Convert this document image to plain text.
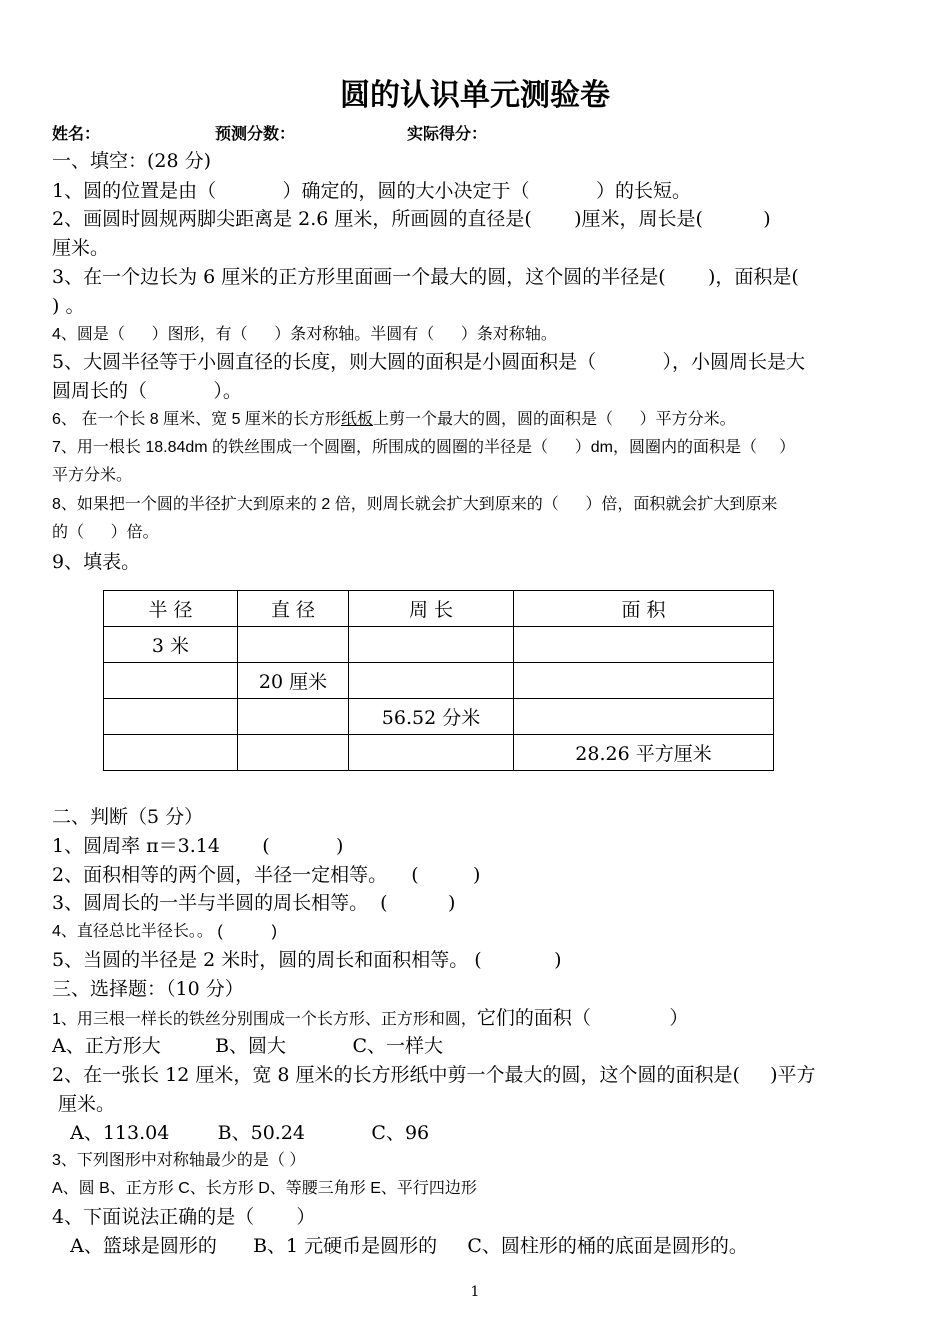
圆的认识单元测验卷

姓名：

	预测分数：

	实际得分：

一、填空：(28 分)
1、圆的位置是由（           ）确定的，圆的大小决定于（           ）的长短。
2、画圆时圆规两脚尖距离是 2.6 厘米，所画圆的直径是(       )厘米，周长是(          )
厘米。
3、在一个边长为 6 厘米的正方形里面画一个最大的圆，这个圆的半径是(       )，面积是(
) 。
4、圆是（      ）图形，有（      ）条对称轴。半圆有（      ）条对称轴。
5、大圆半径等于小圆直径的长度，则大圆的面积是小圆面积是（           ），小圆周长是大
圆周长的（           ）。
6、 在一个长 8 厘米、宽 5 厘米的长方形纸板上剪一个最大的圆，圆的面积是（      ）平方分米。
7、用一根长 18.84dm 的铁丝围成一个圆圈，所围成的圆圈的半径是（      ）dm，圆圈内的面积是（     ）
平方分米。
8、如果把一个圆的半径扩大到原来的 2 倍，则周长就会扩大到原来的（      ）倍，面积就会扩大到原来
的（      ）倍。
9、填表。
半 径	直 径	周 长	面 积
3 米			
	20 厘米		
		56.52 分米	
			28.26 平方厘米
二、判断（5 分）
1、圆周率 π＝3.14       (           )
2、面积相等的两个圆，半径一定相等。    (         )
3、圆周长的一半与半圆的周长相等。  (          )
4、直径总比半径长。。 (           )
5、当圆的半径是 2 米时，圆的周长和面积相等。 (            )
三、选择题：（10 分）
1、用三根一样长的铁丝分别围成一个长方形、正方形和圆，它们的面积（             ）
A、正方形大         B、圆大           C、一样大
2、在一张长 12 厘米，宽 8 厘米的长方形纸中剪一个最大的圆，这个圆的面积是(     )平方
厘米。
A、113.04        B、50.24           C、96
3、下列图形中对称轴最少的是（ ）
A、圆 B、正方形 C、长方形 D、等腰三角形 E、平行四边形
4、下面说法正确的是（       ）
A、篮球是圆形的      B、1 元硬币是圆形的     C、圆柱形的桶的底面是圆形的。
1
